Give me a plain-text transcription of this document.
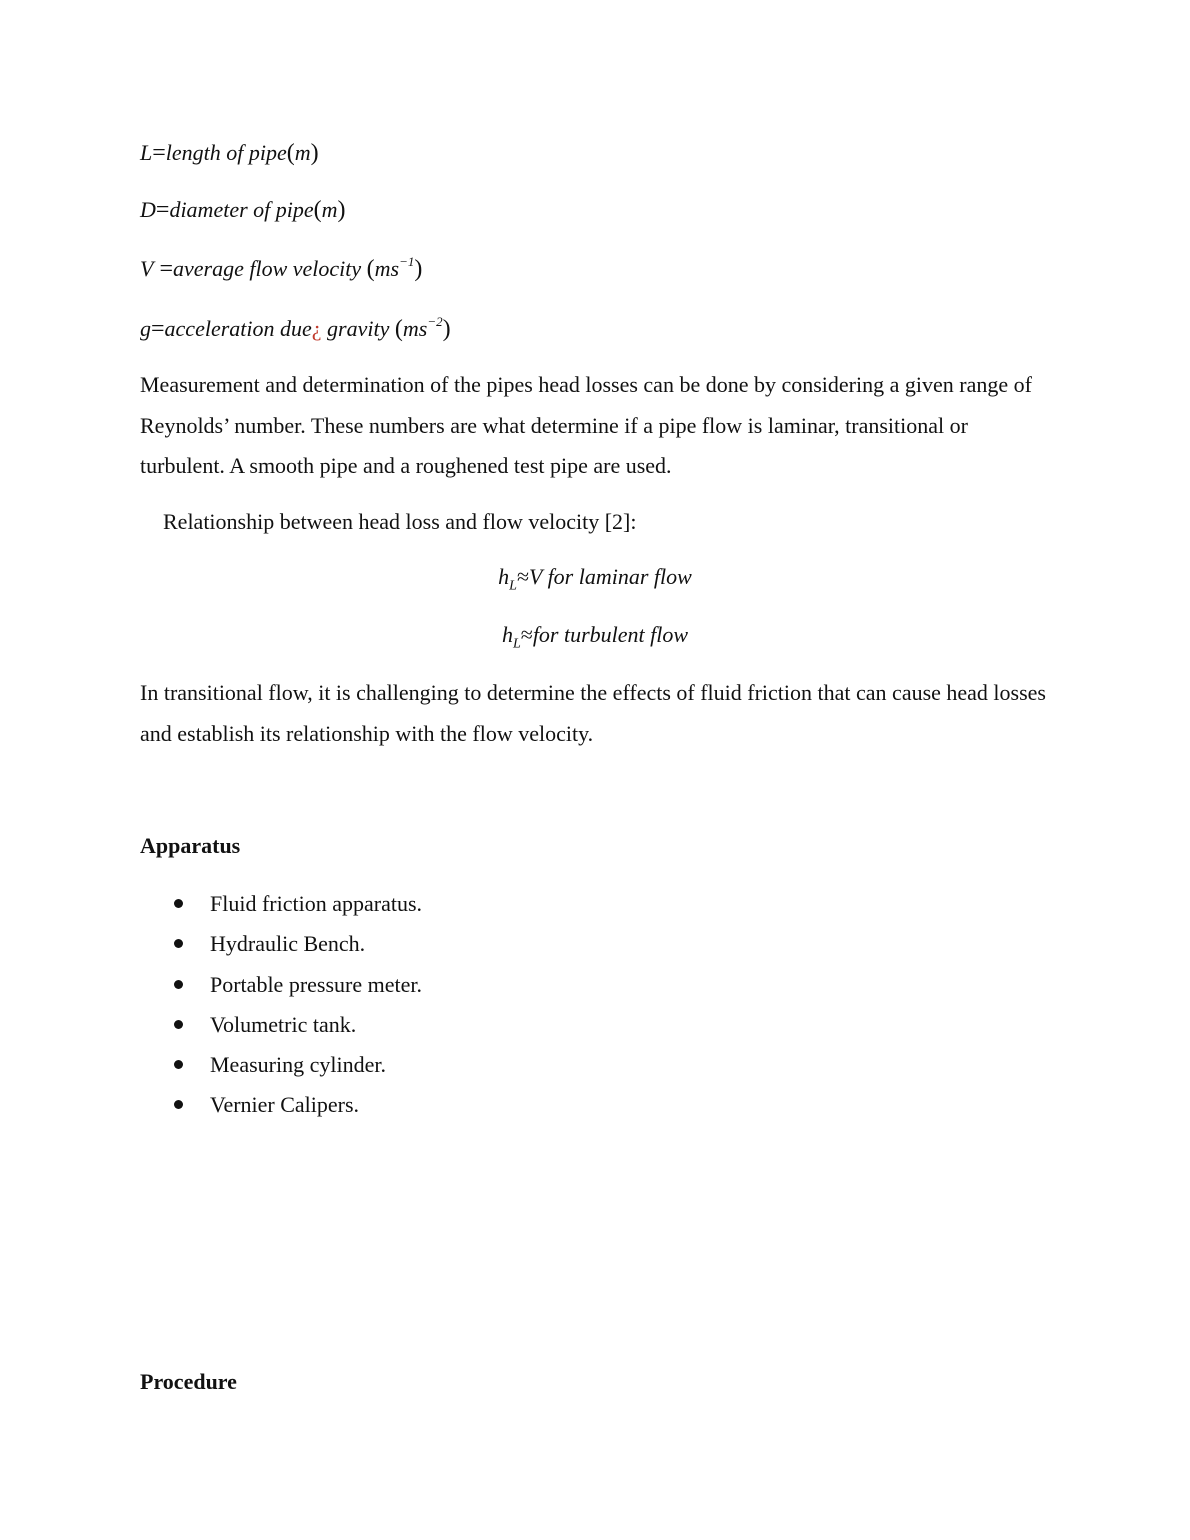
L=length of pipe(m)
D=diameter of pipe(m)
V =average flow velocity $(ms^{-1})$
g=acceleration due¿ gravity $(ms^{-2})$
Measurement and determination of the pipes head losses can be done by considering a given range of Reynolds’ number. These numbers are what determine if a pipe flow is laminar, transitional or turbulent. A smooth pipe and a roughened test pipe are used.
Relationship between head loss and flow velocity [2]:
$h_L\approx V$ for laminar flow
$h_L\approx for$ turbulent flow
In transitional flow, it is challenging to determine the effects of fluid friction that can cause head losses and establish its relationship with the flow velocity.
Apparatus
Fluid friction apparatus.
Hydraulic Bench.
Portable pressure meter.
Volumetric tank.
Measuring cylinder.
Vernier Calipers.
Procedure
